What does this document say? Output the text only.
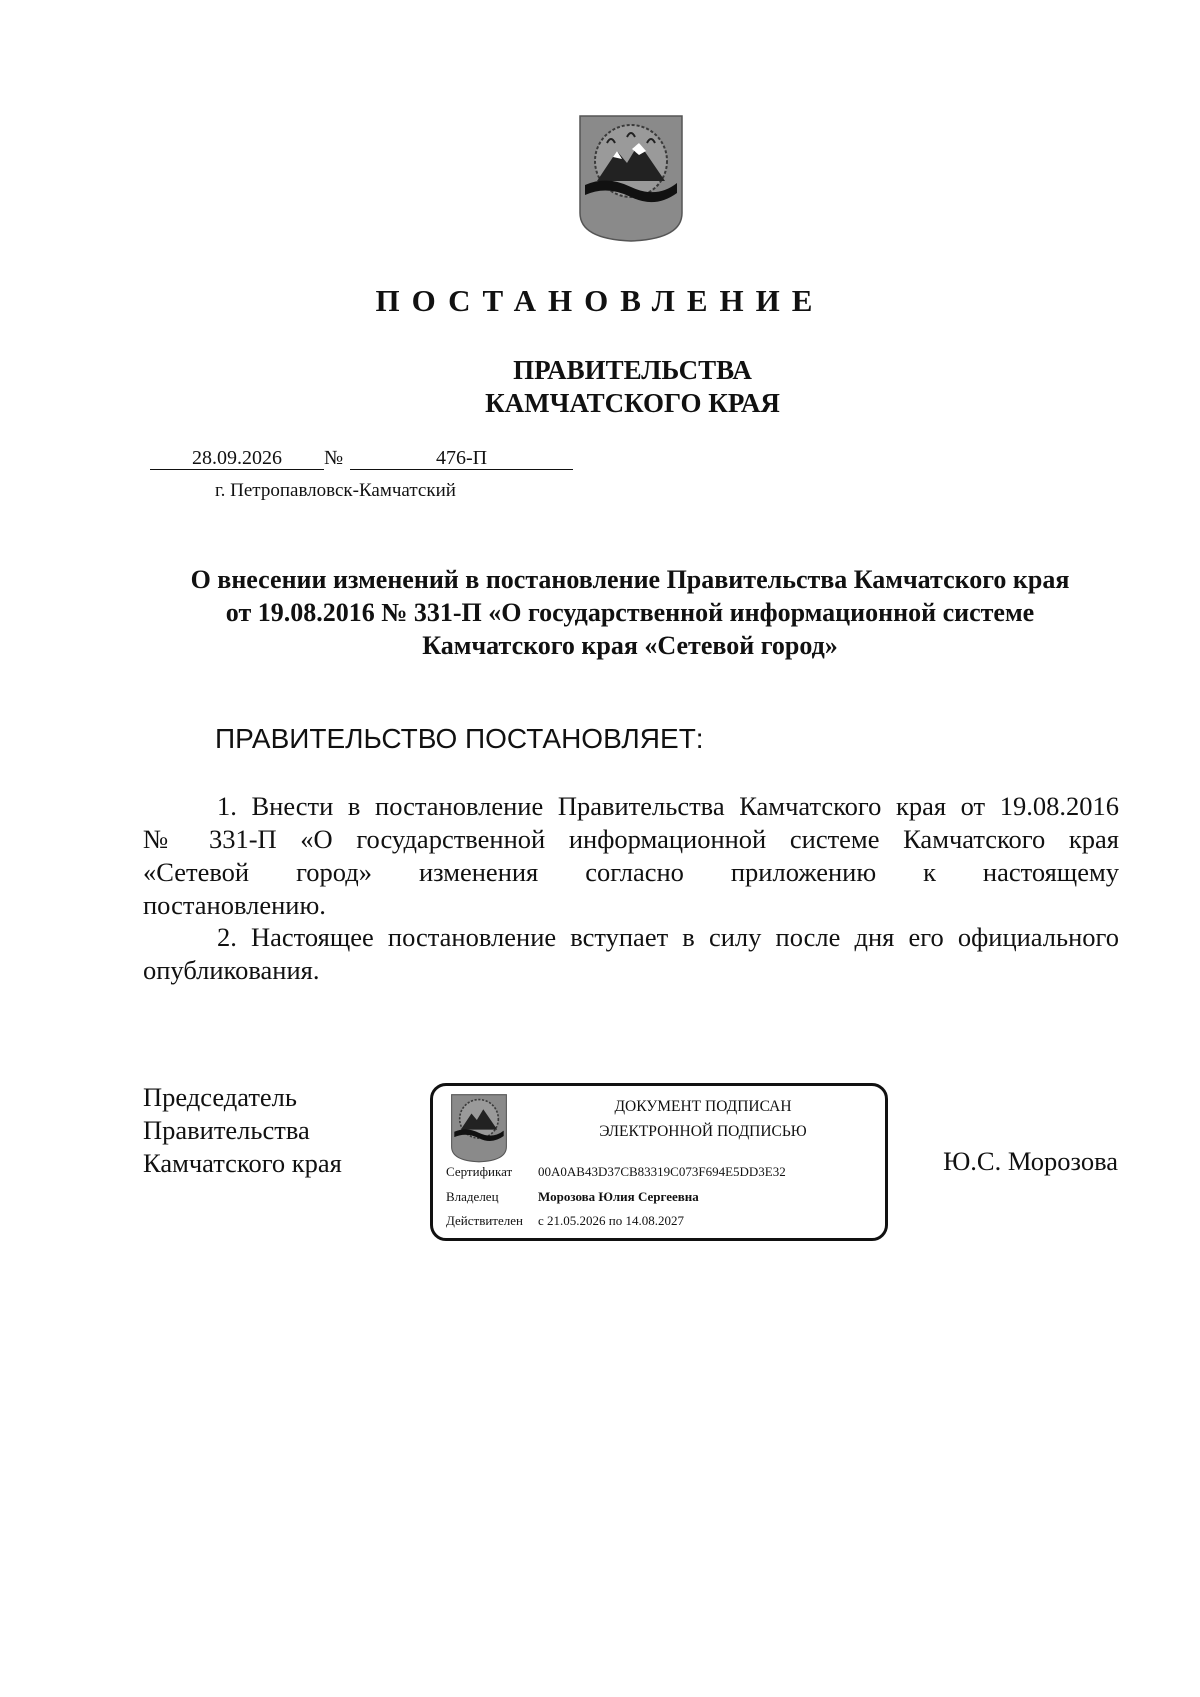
ПОСТАНОВЛЕНИЕ
ПРАВИТЕЛЬСТВА
КАМЧАТСКОГО КРАЯ
28.09.2026	№	476-П
г. Петропавловск-Камчатский
О внесении изменений в постановление Правительства Камчатского края
от 19.08.2016 № 331-П «О государственной информационной системе
Камчатского края «Сетевой город»
ПРАВИТЕЛЬСТВО ПОСТАНОВЛЯЕТ:
1. Внести в постановление Правительства Камчатского края от 19.08.2016
№ 331-П «О государственной информационной системе Камчатского края
«Сетевой город» изменения согласно приложению к настоящему
постановлению.
2. Настоящее постановление вступает в силу после дня его официального
опубликования.
Председатель
Правительства
Камчатского края
ДОКУМЕНТ ПОДПИСАН
ЭЛЕКТРОННОЙ ПОДПИСЬЮ
Сертификат 00A0AB43D37CB83319C073F694E5DD3E32
Владелец	Морозова Юлия Сергеевна
Действителен с 21.05.2026 по 14.08.2027
Ю.С. Морозова
